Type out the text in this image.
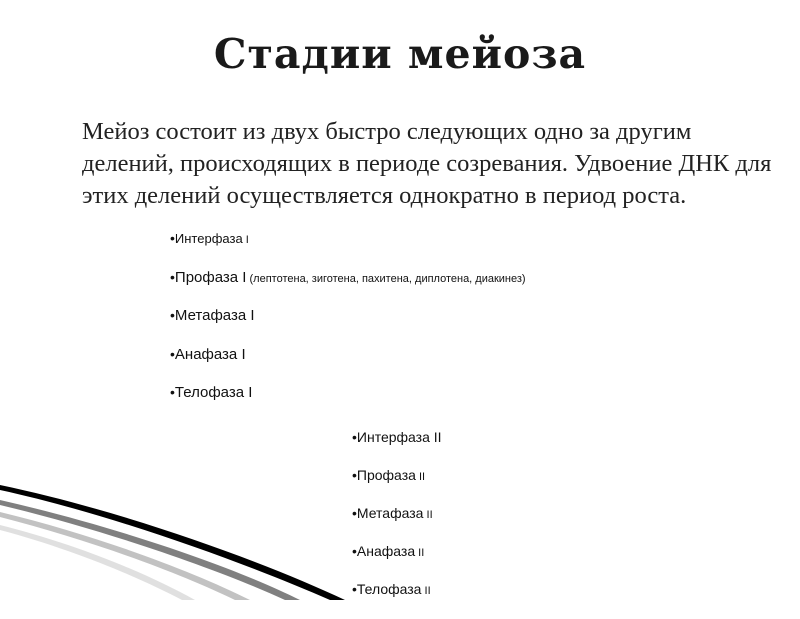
Стадии мейоза
Мейоз состоит из двух быстро следующих одно за другим делений, происходящих в периоде созревания. Удвоение ДНК для этих делений осуществляется однократно в период роста.
•Интерфаза I
•Профаза I (лептотена, зиготена, пахитена, диплотена, диакинез)
•Метафаза I
•Анафаза I
•Телофаза I
•Интерфаза II
•Профаза II
•Метафаза II
•Анафаза II
•Телофаза II
